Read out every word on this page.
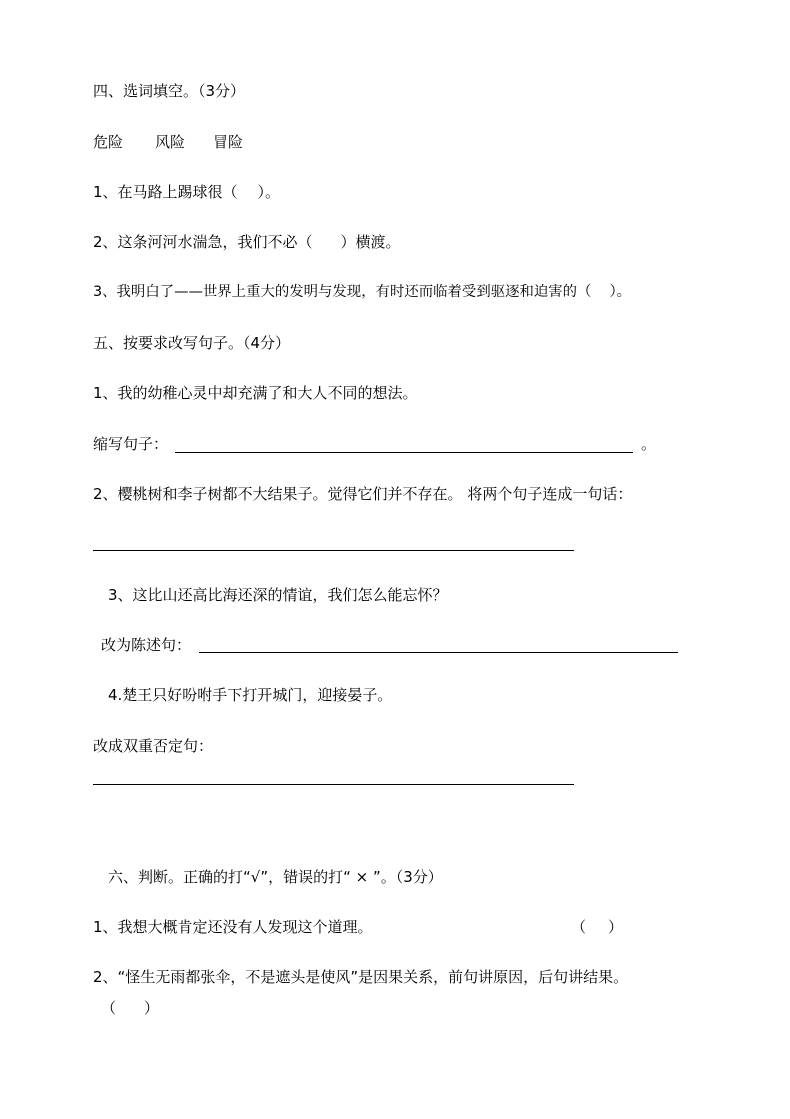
四、选词填空。（3分）
危险 风险 冒险
1、在马路上踢球很（ ）。
2、这条河河水湍急，我们不必（ ）横渡。
3、我明白了——世界上重大的发明与发现，有时还而临着受到驱逐和迫害的（ ）。
五、按要求改写句子。（4分）
1、我的幼稚心灵中却充满了和大人不同的想法。
缩写句子：	。
2、樱桃树和李子树都不大结果子。觉得它们并不存在。 将两个句子连成一句话：
3、这比山还高比海还深的情谊，我们怎么能忘怀？
改为陈述句：
4.楚王只好吩咐手下打开城门，迎接晏子。
改成双重否定句：
六、判断。正确的打“√”，错误的打“ × ”。（3分）
1、我想大概肯定还没有人发现这个道理。	（ ）
2、“怪生无雨都张伞，不是遮头是使风”是因果关系，前句讲原因，后句讲结果。
（ ）
